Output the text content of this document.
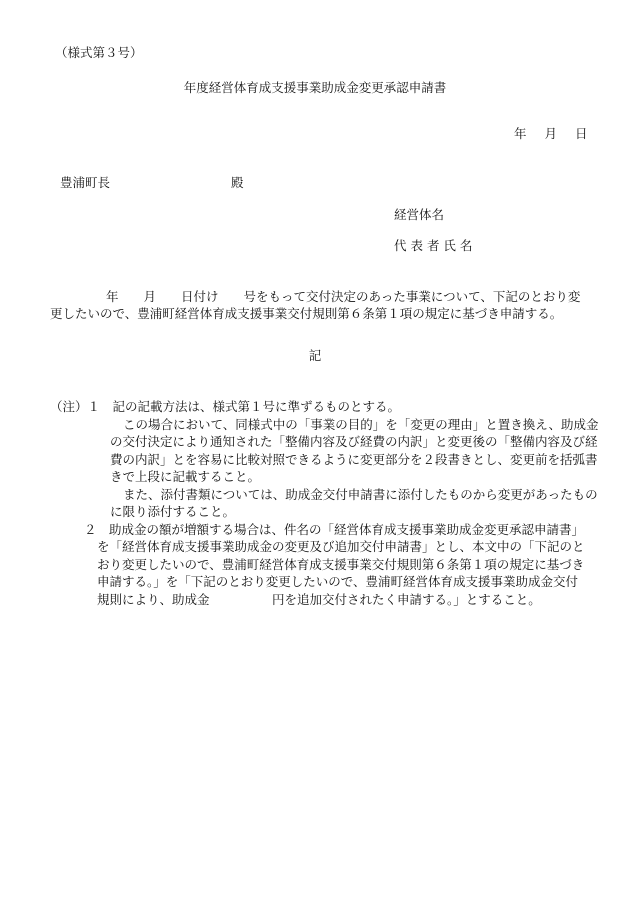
（様式第３号）
年度経営体育成支援事業助成金変更承認申請書
年 月 日
豊浦町長	殿
経営体名
代 表 者 氏 名
年　　月　　日付け　　号をもって交付決定のあった事業について、下記のとおり変
更したいので、豊浦町経営体育成支援事業交付規則第６条第１項の規定に基づき申請する。
記
（注）１　記の記載方法は、様式第１号に準ずるものとする。
この場合において、同様式中の「事業の目的」を「変更の理由」と置き換え、助成金
の交付決定により通知された「整備内容及び経費の内訳」と変更後の「整備内容及び経
費の内訳」とを容易に比較対照できるように変更部分を２段書きとし、変更前を括弧書
きで上段に記載すること。
また、添付書類については、助成金交付申請書に添付したものから変更があったもの
に限り添付すること。
２　助成金の額が増額する場合は、件名の「経営体育成支援事業助成金変更承認申請書」
を「経営体育成支援事業助成金の変更及び追加交付申請書」とし、本文中の「下記のと
おり変更したいので、豊浦町経営体育成支援事業交付規則第６条第１項の規定に基づき
申請する。」を「下記のとおり変更したいので、豊浦町経営体育成支援事業助成金交付
規則により、助成金　　　　　円を追加交付されたく申請する。」とすること。
